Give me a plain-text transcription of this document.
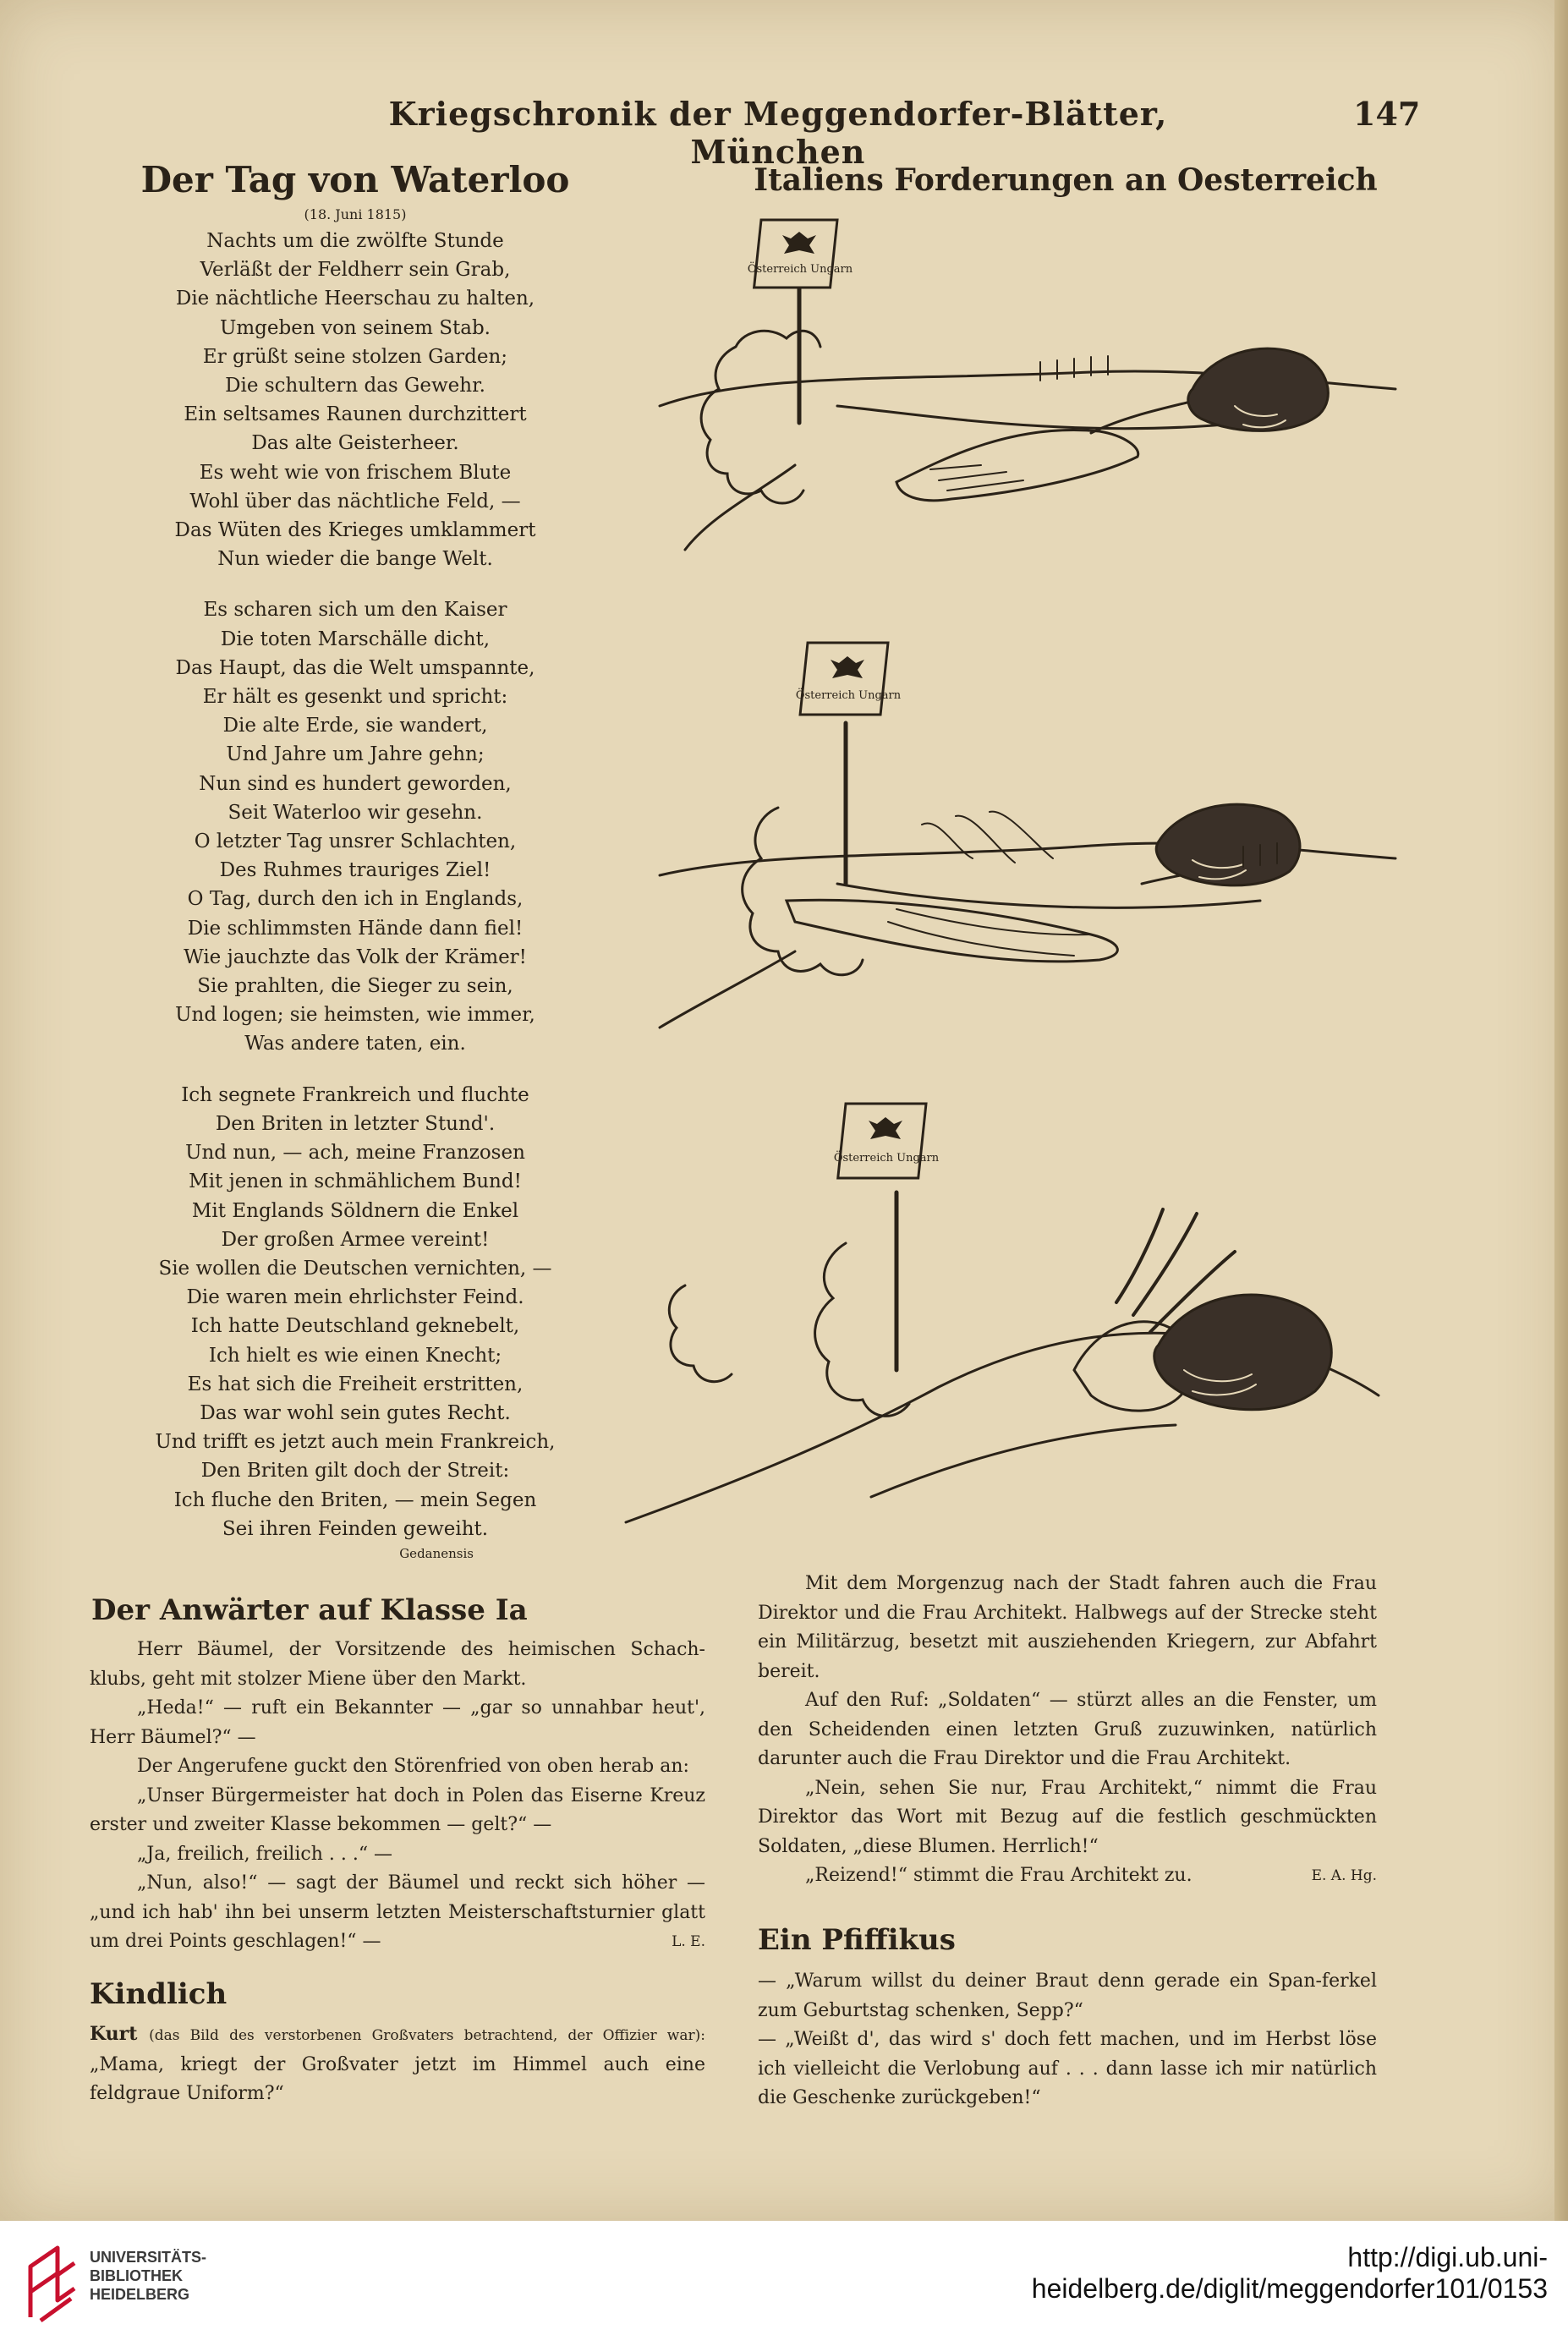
Kriegschronik der Meggendorfer-Blätter, München
147
Der Tag von Waterloo
(18. Juni 1815)
Nachts um die zwölfte Stunde
Verläßt der Feldherr sein Grab,
Die nächtliche Heerschau zu halten,
Umgeben von seinem Stab.
Er grüßt seine stolzen Garden;
Die schultern das Gewehr.
Ein seltsames Raunen durchzittert
Das alte Geisterheer.
Es weht wie von frischem Blute
Wohl über das nächtliche Feld, —
Das Wüten des Krieges umklammert
Nun wieder die bange Welt.
Es scharen sich um den Kaiser
Die toten Marschälle dicht,
Das Haupt, das die Welt umspannte,
Er hält es gesenkt und spricht:
Die alte Erde, sie wandert,
Und Jahre um Jahre gehn;
Nun sind es hundert geworden,
Seit Waterloo wir gesehn.
O letzter Tag unsrer Schlachten,
Des Ruhmes trauriges Ziel!
O Tag, durch den ich in Englands,
Die schlimmsten Hände dann fiel!
Wie jauchzte das Volk der Krämer!
Sie prahlten, die Sieger zu sein,
Und logen; sie heimsten, wie immer,
Was andere taten, ein.
Ich segnete Frankreich und fluchte
Den Briten in letzter Stund'.
Und nun, — ach, meine Franzosen
Mit jenen in schmählichem Bund!
Mit Englands Söldnern die Enkel
Der großen Armee vereint!
Sie wollen die Deutschen vernichten, —
Die waren mein ehrlichster Feind.
Ich hatte Deutschland geknebelt,
Ich hielt es wie einen Knecht;
Es hat sich die Freiheit erstritten,
Das war wohl sein gutes Recht.
Und trifft es jetzt auch mein Frankreich,
Den Briten gilt doch der Streit:
Ich fluche den Briten, — mein Segen
Sei ihren Feinden geweiht.
Gedanensis
Italiens Forderungen an Oesterreich
Österreich Ungarn
Österreich Ungarn
Österreich Ungarn
Der Anwärter auf Klasse Ia

Herr Bäumel, der Vorsitzende des heimischen Schach-klubs, geht mit stolzer Miene über den Markt.

„Heda!“ — ruft ein Bekannter — „gar so unnahbar heut', Herr Bäumel?“ —

Der Angerufene guckt den Störenfried von oben herab an:

„Unser Bürgermeister hat doch in Polen das Eiserne Kreuz erster und zweiter Klasse bekommen — gelt?“ —

„Ja, freilich, freilich . . .“ —

„Nun, also!“ — sagt der Bäumel und reckt sich höher — „und ich hab' ihn bei unserm letzten Meisterschaftsturnier glatt um drei Points geschlagen!“ —	L. E.

Kindlich

Kurt (das Bild des verstorbenen Großvaters betrachtend, der Offizier war): „Mama, kriegt der Großvater jetzt im Himmel auch eine feldgraue Uniform?“

Mit dem Morgenzug nach der Stadt fahren auch die Frau Direktor und die Frau Architekt. Halbwegs auf der Strecke steht ein Militärzug, besetzt mit ausziehenden Kriegern, zur Abfahrt bereit.

Auf den Ruf: „Soldaten“ — stürzt alles an die Fenster, um den Scheidenden einen letzten Gruß zuzuwinken, natürlich darunter auch die Frau Direktor und die Frau Architekt.

„Nein, sehen Sie nur, Frau Architekt,“ nimmt die Frau Direktor das Wort mit Bezug auf die festlich geschmückten Soldaten, „diese Blumen. Herrlich!“

„Reizend!“ stimmt die Frau Architekt zu.	E. A. Hg.

Ein Pfiffikus

— „Warum willst du deiner Braut denn gerade ein Span-ferkel zum Geburtstag schenken, Sepp?“

— „Weißt d', das wird s' doch fett machen, und im Herbst löse ich vielleicht die Verlobung auf . . . dann lasse ich mir natürlich die Geschenke zurückgeben!“

UNIVERSITÄTS-
BIBLIOTHEK
HEIDELBERG
http://digi.ub.uni-heidelberg.de/diglit/meggendorfer101/0153
